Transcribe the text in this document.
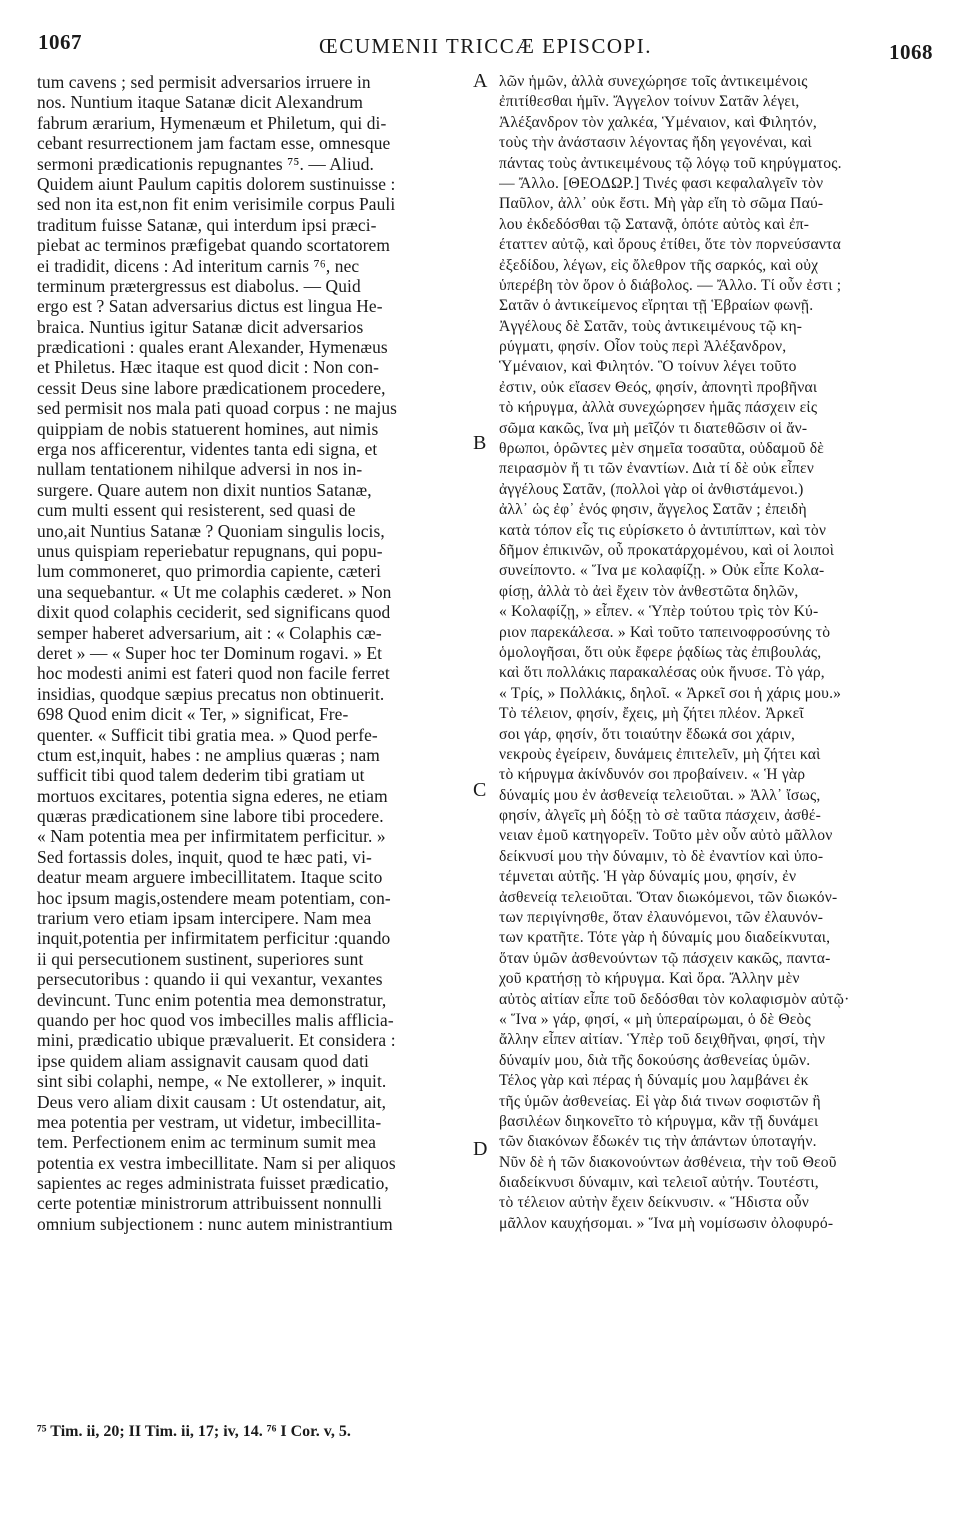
1067	ŒCUMENII TRICCÆ EPISCOPI.	1068
tum cavens ; sed permisit adversarios irruere in
nos. Nuntium itaque Satanæ dicit Alexandrum
fabrum ærarium, Hymenæum et Philetum, qui di-
cebant resurrectionem jam factam esse, omnesque
sermoni prædicationis repugnantes ⁷⁵. — Aliud.
Quidem aiunt Paulum capitis dolorem sustinuisse :
sed non ita est,non fit enim verisimile corpus Pauli
traditum fuisse Satanæ, qui interdum ipsi præci-
piebat ac terminos præfigebat quando scortatorem
ei tradidit, dicens : Ad interitum carnis ⁷⁶, nec
terminum prætergressus est diabolus. — Quid
ergo est ? Satan adversarius dictus est lingua He-
braica. Nuntius igitur Satanæ dicit adversarios
prædicationi : quales erant Alexander, Hymenæus
et Philetus. Hæc itaque est quod dicit : Non con-
cessit Deus sine labore prædicationem procedere,
sed permisit nos mala pati quoad corpus : ne majus
quippiam de nobis statuerent homines, aut nimis
erga nos afficerentur, videntes tanta edi signa, et
nullam tentationem nihilque adversi in nos in-
surgere. Quare autem non dixit nuntios Satanæ,
cum multi essent qui resisterent, sed quasi de
uno,ait Nuntius Satanæ ? Quoniam singulis locis,
unus quispiam reperiebatur repugnans, qui popu-
lum commoneret, quo primordia capiente, cæteri
una sequebantur. « Ut me colaphis cæderet. » Non
dixit quod colaphis ceciderit, sed significans quod
semper haberet adversarium, ait : « Colaphis cæ-
deret » — « Super hoc ter Dominum rogavi. » Et
hoc modesti animi est fateri quod non facile ferret
insidias, quodque sæpius precatus non obtinuerit.
698 Quod enim dicit « Ter, » significat, Fre-
quenter. « Sufficit tibi gratia mea. » Quod perfe-
ctum est,inquit, habes : ne amplius quæras ; nam
sufficit tibi quod talem dederim tibi gratiam ut
mortuos excitares, potentia signa ederes, ne etiam
quæras prædicationem sine labore tibi procedere.
« Nam potentia mea per infirmitatem perficitur. »
Sed fortassis doles, inquit, quod te hæc pati, vi-
deatur meam arguere imbecillitatem. Itaque scito
hoc ipsum magis,ostendere meam potentiam, con-
trarium vero etiam ipsam intercipere. Nam mea
inquit,potentia per infirmitatem perficitur :quando
ii qui persecutionem sustinent, superiores sunt
persecutoribus : quando ii qui vexantur, vexantes
devincunt. Tunc enim potentia mea demonstratur,
quando per hoc quod vos imbecilles malis afflicia-
mini, prædicatio ubique prævaluerit. Et considera :
ipse quidem aliam assignavit causam quod dati
sint sibi colaphi, nempe, « Ne extollerer, » inquit.
Deus vero aliam dixit causam : Ut ostendatur, ait,
mea potentia per vestram, ut videtur, imbecillita-
tem. Perfectionem enim ac terminum sumit mea
potentia ex vestra imbecillitate. Nam si per aliquos
sapientes ac reges administrata fuisset prædicatio,
certe potentiæ ministrorum attribuissent nonnulli
omnium subjectionem : nunc autem ministrantium
λῶν ἡμῶν, ἀλλὰ συνεχώρησε τοῖς ἀντικειμένοις
ἐπιτίθεσθαι ἡμῖν. Ἄγγελον τοίνυν Σατᾶν λέγει,
Ἀλέξανδρον τὸν χαλκέα, Ὑμέναιον, καὶ Φιλητόν,
τοὺς τὴν ἀνάστασιν λέγοντας ἤδη γεγονέναι, καὶ
πάντας τοὺς ἀντικειμένους τῷ λόγῳ τοῦ κηρύγματος.
— Ἄλλο. [ΘΕΟΔΩΡ.] Τινές φασι κεφαλαλγεῖν τὸν
Παῦλον, ἀλλ᾽ οὐκ ἔστι. Μὴ γὰρ εἴη τὸ σῶμα Παύ-
λου ἐκδεδόσθαι τῷ Σατανᾷ, ὁπότε αὐτὸς καὶ ἐπ-
έταττεν αὐτῷ, καὶ ὅρους ἐτίθει, ὅτε τὸν πορνεύσαντα
ἐξεδίδου, λέγων, εἰς ὄλεθρον τῆς σαρκός, καὶ οὐχ
ὑπερέβη τὸν ὅρον ὁ διάβολος. — Ἄλλο. Τί οὖν ἐστι ;
Σατᾶν ὁ ἀντικείμενος εἴρηται τῇ Ἑβραίων φωνῇ.
Ἀγγέλους δὲ Σατᾶν, τοὺς ἀντικειμένους τῷ κη-
ρύγματι, φησίν. Οἷον τοὺς περὶ Ἀλέξανδρον,
Ὑμέναιον, καὶ Φιλητόν. Ὃ τοίνυν λέγει τοῦτο
ἐστιν, οὐκ εἴασεν Θεός, φησίν, ἀπονητὶ προβῆναι
τὸ κήρυγμα, ἀλλὰ συνεχώρησεν ἡμᾶς πάσχειν εἰς
σῶμα κακῶς, ἵνα μὴ μεῖζόν τι διατεθῶσιν οἱ ἄν-
θρωποι, ὁρῶντες μὲν σημεῖα τοσαῦτα, οὐδαμοῦ δὲ
πειρασμὸν ἤ τι τῶν ἐναντίων. Διὰ τί δὲ οὐκ εἶπεν
ἀγγέλους Σατᾶν, (πολλοὶ γὰρ οἱ ἀνθιστάμενοι.)
ἀλλ᾽ ὡς ἐφ᾽ ἑνός φησιν, ἄγγελος Σατᾶν ; ἐπειδὴ
κατὰ τόπον εἷς τις εὑρίσκετο ὁ ἀντιπίπτων, καὶ τὸν
δῆμον ἐπικινῶν, οὗ προκατάρχομένου, καὶ οἱ λοιποὶ
συνείποντο. « Ἵνα με κολαφίζῃ. » Οὐκ εἶπε Κολα-
φίσῃ, ἀλλὰ τὸ ἀεὶ ἔχειν τὸν ἀνθεστῶτα δηλῶν,
« Κολαφίζῃ, » εἶπεν. « Ὑπὲρ τούτου τρὶς τὸν Κύ-
ριον παρεκάλεσα. » Καὶ τοῦτο ταπεινοφροσύνης τὸ
ὁμολογῆσαι, ὅτι οὐκ ἔφερε ῥᾳδίως τὰς ἐπιβουλάς,
καὶ ὅτι πολλάκις παρακαλέσας οὐκ ἤνυσε. Τὸ γάρ,
« Τρίς, » Πολλάκις, δηλοῖ. « Ἀρκεῖ σοι ἡ χάρις μου.»
Τὸ τέλειον, φησίν, ἔχεις, μὴ ζήτει πλέον. Ἀρκεῖ
σοι γάρ, φησίν, ὅτι τοιαύτην ἔδωκά σοι χάριν,
νεκροὺς ἐγείρειν, δυνάμεις ἐπιτελεῖν, μὴ ζήτει καὶ
τὸ κήρυγμα ἀκίνδυνόν σοι προβαίνειν. « Ἡ γὰρ
δύναμίς μου ἐν ἀσθενείᾳ τελειοῦται. » Ἀλλ᾽ ἴσως,
φησίν, ἀλγεῖς μὴ δόξῃ τὸ σὲ ταῦτα πάσχειν, ἀσθέ-
νειαν ἐμοῦ κατηγορεῖν. Τοῦτο μὲν οὖν αὐτὸ μᾶλλον
δείκνυσί μου τὴν δύναμιν, τὸ δὲ ἐναντίον καὶ ὑπο-
τέμνεται αὐτῆς. Ἡ γὰρ δύναμίς μου, φησίν, ἐν
ἀσθενείᾳ τελειοῦται. Ὅταν διωκόμενοι, τῶν διωκόν-
των περιγίνησθε, ὅταν ἐλαυνόμενοι, τῶν ἐλαυνόν-
των κρατῆτε. Τότε γὰρ ἡ δύναμίς μου διαδείκνυται,
ὅταν ὑμῶν ἀσθενούντων τῷ πάσχειν κακῶς, παντα-
χοῦ κρατήσῃ τὸ κήρυγμα. Καὶ ὅρα. Ἄλλην μὲν
αὐτὸς αἰτίαν εἶπε τοῦ δεδόσθαι τὸν κολαφισμὸν αὐτῷ·
« Ἵνα » γάρ, φησί, « μὴ ὑπεραίρωμαι, ὁ δὲ Θεὸς
ἄλλην εἶπεν αἰτίαν. Ὑπὲρ τοῦ δειχθῆναι, φησί, τὴν
δύναμίν μου, διὰ τῆς δοκούσης ἀσθενείας ὑμῶν.
Τέλος γὰρ καὶ πέρας ἡ δύναμίς μου λαμβάνει ἐκ
τῆς ὑμῶν ἀσθενείας. Εἰ γὰρ διά τινων σοφιστῶν ἢ
βασιλέων διηκονεῖτο τὸ κήρυγμα, κἂν τῇ δυνάμει
τῶν διακόνων ἔδωκέν τις τὴν ἁπάντων ὑποταγήν.
Νῦν δὲ ἡ τῶν διακονούντων ἀσθένεια, τὴν τοῦ Θεοῦ
διαδείκνυσι δύναμιν, καὶ τελειοῖ αὐτήν. Τουτέστι,
τὸ τέλειον αὐτὴν ἔχειν δείκνυσιν. « Ἥδιστα οὖν
μᾶλλον καυχήσομαι. » Ἵνα μὴ νομίσωσιν ὀλοφυρό-
A
B
C
D
⁷⁵ Tim. ii, 20; II Tim. ii, 17; iv, 14. ⁷⁶ I Cor. v, 5.
